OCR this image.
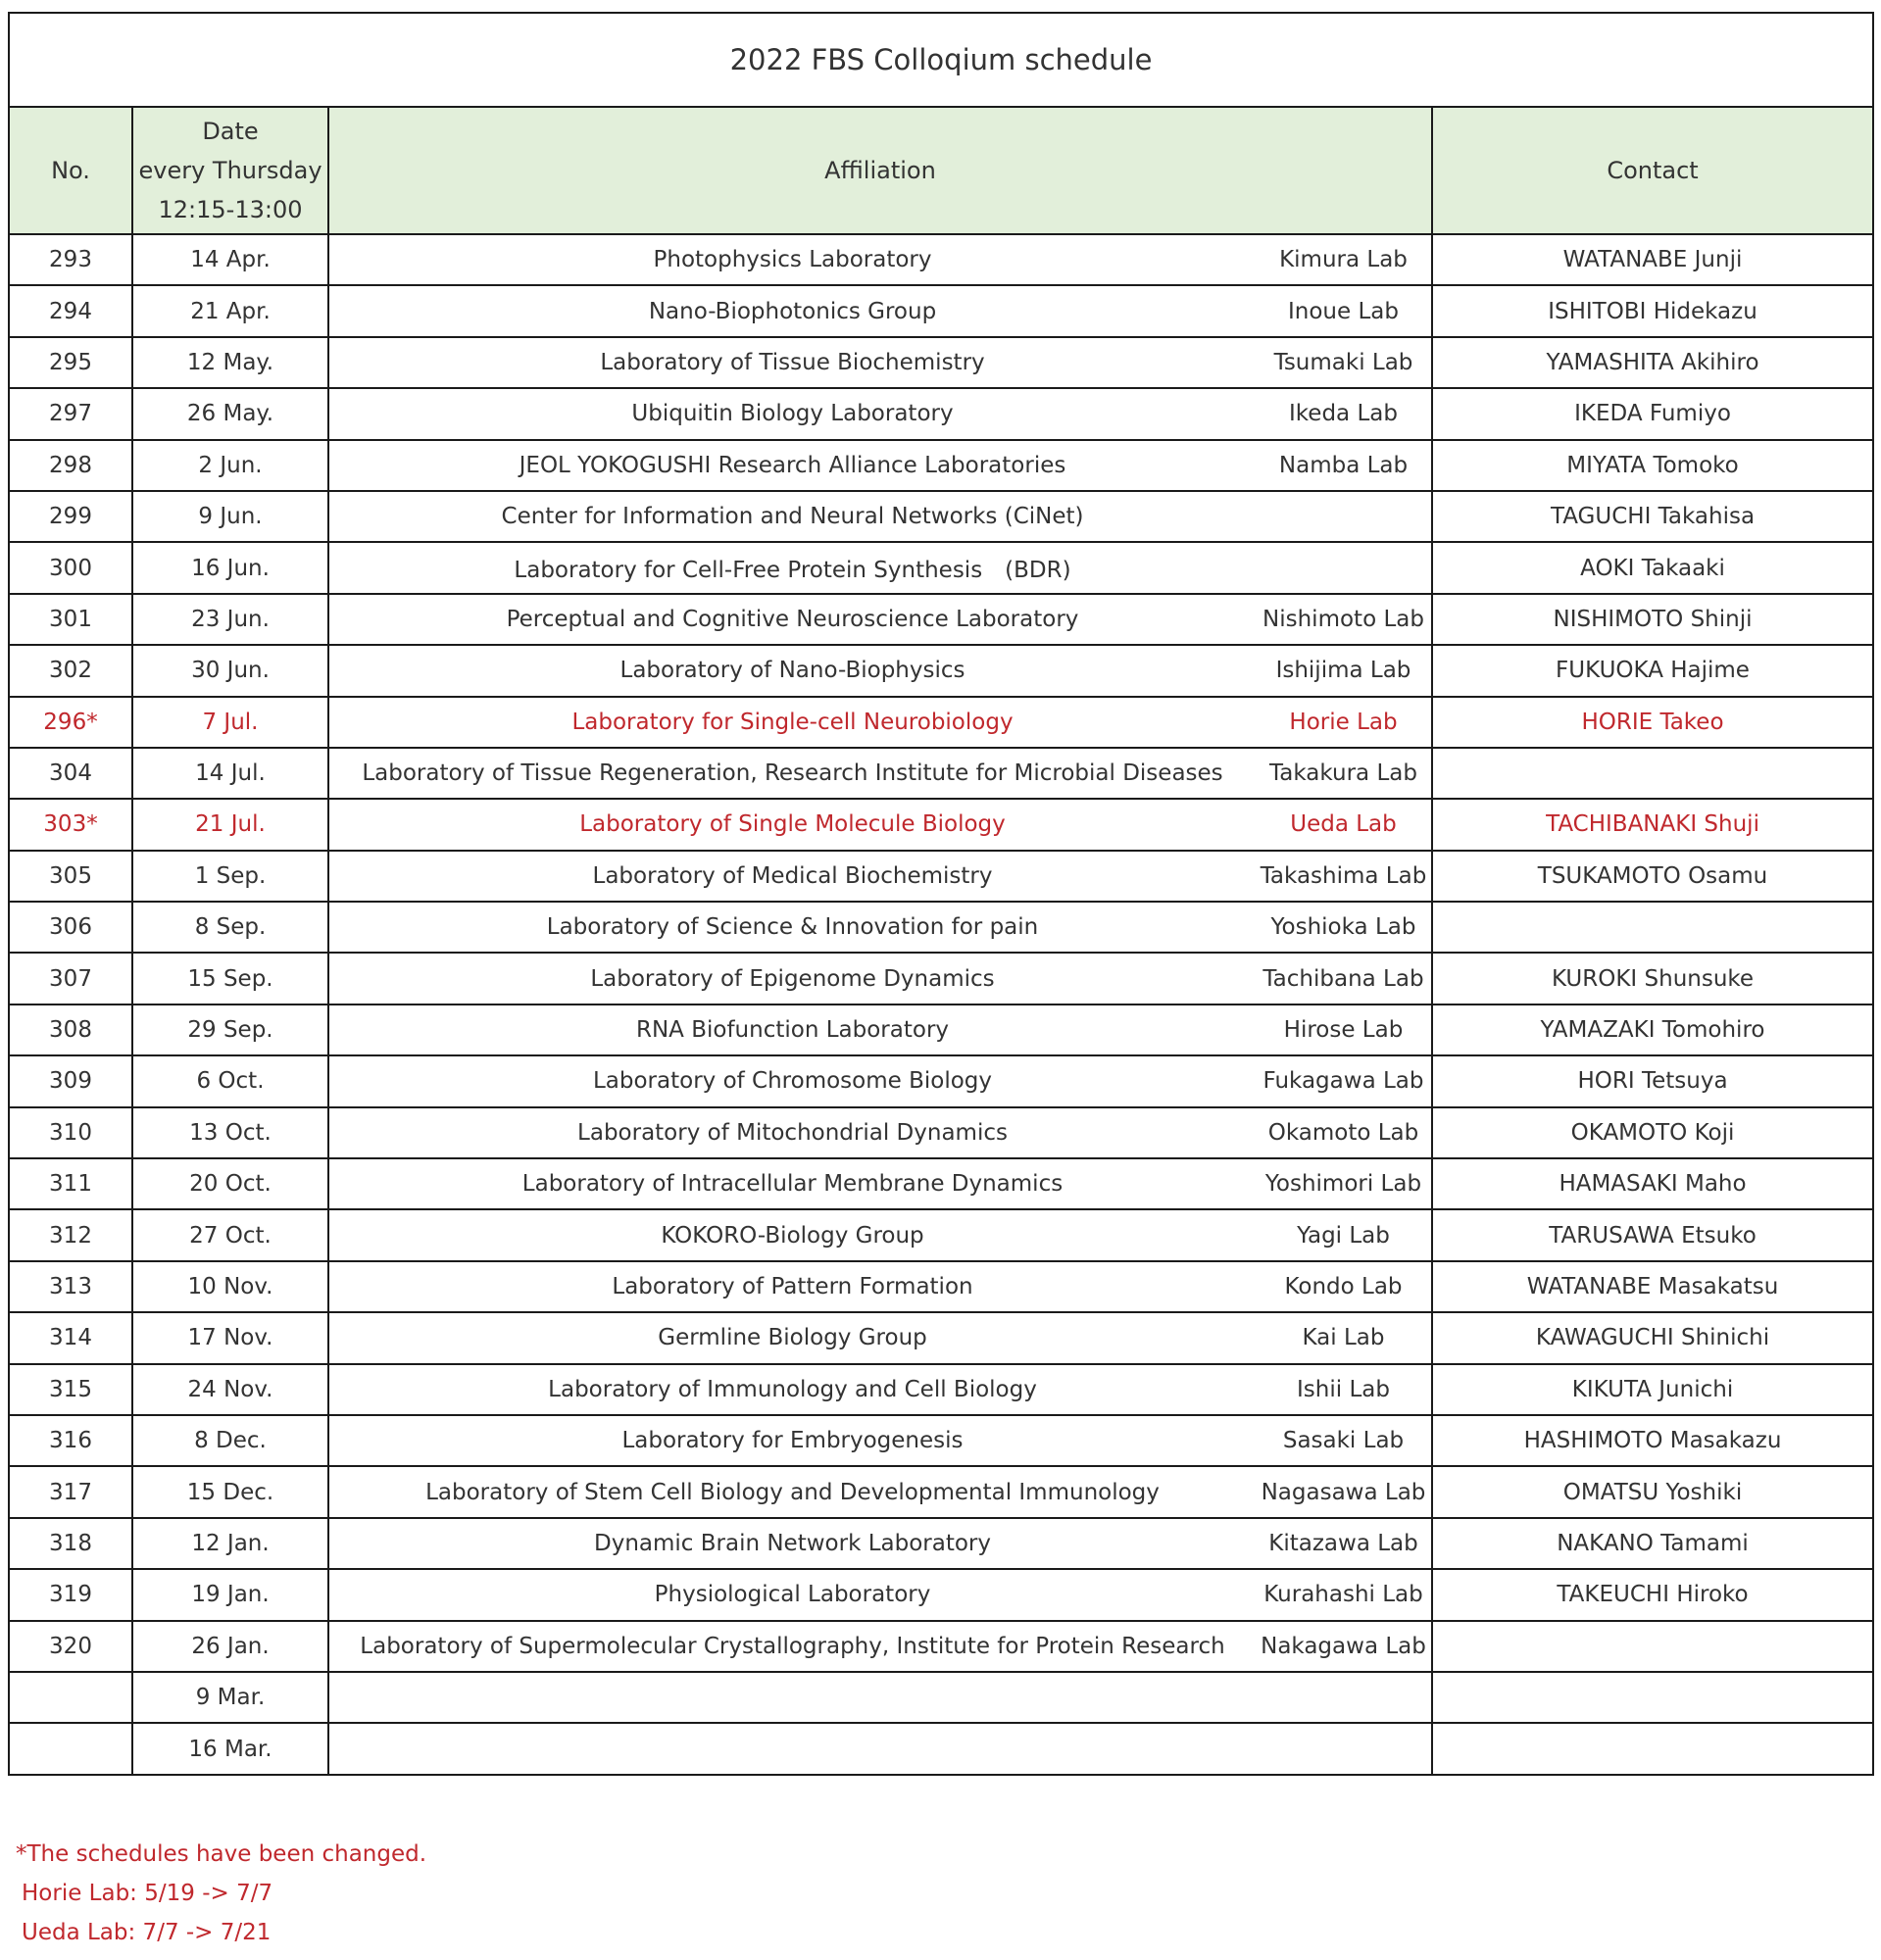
2022 FBS Colloqium schedule				
No.	Date
every Thursday
12:15-13:00	Affiliation		Contact
293	14 Apr.	Photophysics Laboratory	Kimura Lab	WATANABE Junji
294	21 Apr.	Nano-Biophotonics Group	Inoue Lab	ISHITOBI Hidekazu
295	12 May.	Laboratory of Tissue Biochemistry	Tsumaki Lab	YAMASHITA Akihiro
297	26 May.	Ubiquitin Biology Laboratory	Ikeda Lab	IKEDA Fumiyo
298	2 Jun.	JEOL YOKOGUSHI Research Alliance Laboratories	Namba Lab	MIYATA Tomoko
299	9 Jun.	Center for Information and Neural Networks (CiNet)		TAGUCHI Takahisa
300	16 Jun.	Laboratory for Cell-Free Protein Synthesis　(BDR)		AOKI Takaaki
301	23 Jun.	Perceptual and Cognitive Neuroscience Laboratory	Nishimoto Lab	NISHIMOTO Shinji
302	30 Jun.	Laboratory of Nano-Biophysics	Ishijima Lab	FUKUOKA Hajime
296*	7 Jul.	Laboratory for Single-cell Neurobiology	Horie Lab	HORIE Takeo
304	14 Jul.	Laboratory of Tissue Regeneration, Research Institute for Microbial Diseases	Takakura Lab	
303*	21 Jul.	Laboratory of Single Molecule Biology	Ueda Lab	TACHIBANAKI Shuji
305	1 Sep.	Laboratory of Medical Biochemistry	Takashima Lab	TSUKAMOTO Osamu
306	8 Sep.	Laboratory of Science & Innovation for pain	Yoshioka Lab	
307	15 Sep.	Laboratory of Epigenome Dynamics	Tachibana Lab	KUROKI Shunsuke
308	29 Sep.	RNA Biofunction Laboratory	Hirose Lab	YAMAZAKI Tomohiro
309	6 Oct.	Laboratory of Chromosome Biology	Fukagawa Lab	HORI Tetsuya
310	13 Oct.	Laboratory of Mitochondrial Dynamics	Okamoto Lab	OKAMOTO Koji
311	20 Oct.	Laboratory of Intracellular Membrane Dynamics	Yoshimori Lab	HAMASAKI Maho
312	27 Oct.	KOKORO-Biology Group	Yagi Lab	TARUSAWA Etsuko
313	10 Nov.	Laboratory of Pattern Formation	Kondo Lab	WATANABE Masakatsu
314	17 Nov.	Germline Biology Group	Kai Lab	KAWAGUCHI Shinichi
315	24 Nov.	Laboratory of Immunology and Cell Biology	Ishii Lab	KIKUTA Junichi
316	8 Dec.	Laboratory for Embryogenesis	Sasaki Lab	HASHIMOTO Masakazu
317	15 Dec.	Laboratory of Stem Cell Biology and Developmental Immunology	Nagasawa Lab	OMATSU Yoshiki
318	12 Jan.	Dynamic Brain Network Laboratory	Kitazawa Lab	NAKANO Tamami
319	19 Jan.	Physiological Laboratory	Kurahashi Lab	TAKEUCHI Hiroko
320	26 Jan.	Laboratory of Supermolecular Crystallography, Institute for Protein Research	Nakagawa Lab	
	9 Mar.			
	16 Mar.			
*The schedules have been changed.
Horie Lab: 5/19 -> 7/7
Ueda Lab: 7/7 -> 7/21
